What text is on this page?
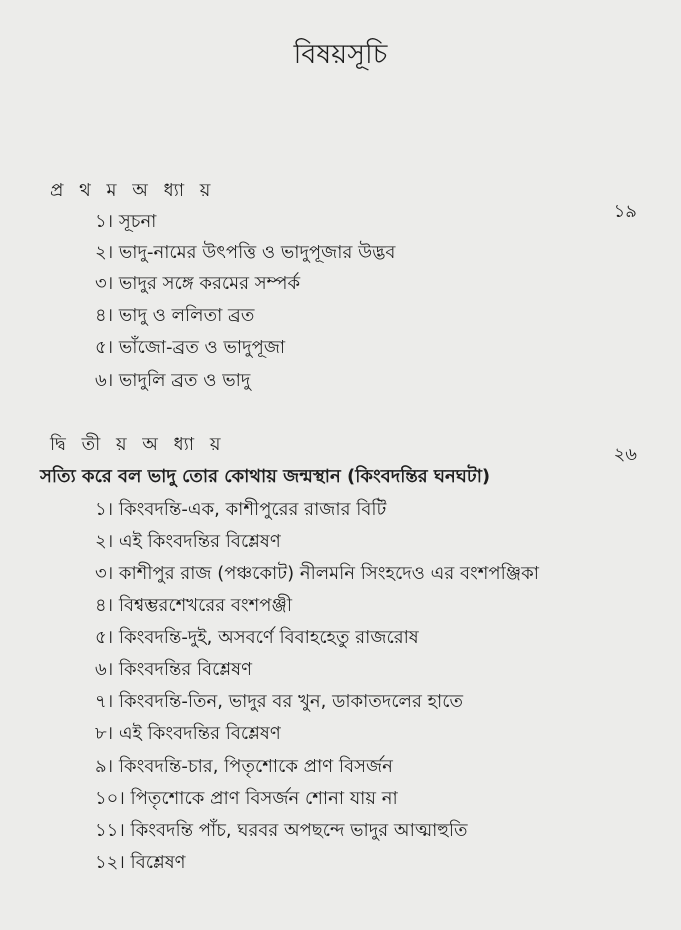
বিষয়সূচি
প্র থ ম অ ধ্যা য়
১৯
১। সূচনা
২। ভাদু-নামের উৎপত্তি ও ভাদুপূজার উদ্ভব
৩। ভাদুর সঙ্গে করমের সম্পর্ক
৪। ভাদু ও ললিতা ব্রত
৫। ভাঁজো-ব্রত ও ভাদুপূজা
৬। ভাদুলি ব্রত ও ভাদু
দ্বি তী য় অ ধ্যা য়	২৬
সত্যি করে বল ভাদু তোর কোথায় জন্মস্থান (কিংবদন্তির ঘনঘটা)
১। কিংবদন্তি-এক, কাশীপুরের রাজার বিটি
২। এই কিংবদন্তির বিশ্লেষণ
৩। কাশীপুর রাজ (পঞ্চকোট) নীলমনি সিংহদেও এর বংশপঞ্জিকা
৪। বিশ্বম্ভরশেখরের বংশপঞ্জী
৫। কিংবদন্তি-দুই, অসবর্ণে বিবাহহেতু রাজরোষ
৬। কিংবদন্তির বিশ্লেষণ
৭। কিংবদন্তি-তিন, ভাদুর বর খুন, ডাকাতদলের হাতে
৮। এই কিংবদন্তির বিশ্লেষণ
৯। কিংবদন্তি-চার, পিতৃশোকে প্রাণ বিসর্জন
১০। পিতৃশোকে প্রাণ বিসর্জন শোনা যায় না
১১। কিংবদন্তি পাঁচ, ঘরবর অপছন্দে ভাদুর আত্মাহুতি
১২। বিশ্লেষণ
